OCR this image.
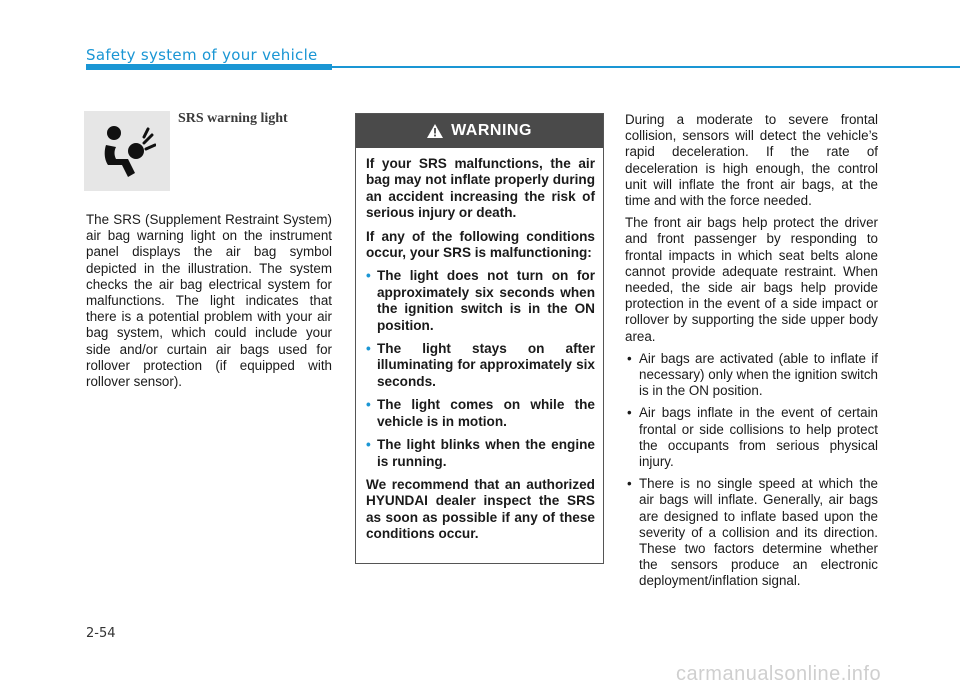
Safety system of your vehicle
SRS warning light

The SRS (Supplement Restraint System) air bag warning light on the instrument panel displays the air bag symbol depicted in the illustration. The system checks the air bag electrical system for malfunctions. The light indicates that there is a potential problem with your air bag system, which could include your side and/or curtain air bags used for rollover protection (if equipped with rollover sensor).

WARNING

If your SRS malfunctions, the air bag may not inflate properly during an accident increasing the risk of serious injury or death.

If any of the following conditions occur, your SRS is malfunctioning:

• The light does not turn on for approximately six seconds when the ignition switch is in the ON position.
• The light stays on after illuminating for approximately six seconds.
• The light comes on while the vehicle is in motion.
• The light blinks when the engine is running.

We recommend that an authorized HYUNDAI dealer inspect the SRS as soon as possible if any of these conditions occur.

During a moderate to severe frontal collision, sensors will detect the vehicle’s rapid deceleration. If the rate of deceleration is high enough, the control unit will inflate the front air bags, at the time and with the force needed.

The front air bags help protect the driver and front passenger by responding to frontal impacts in which seat belts alone cannot provide adequate restraint. When needed, the side air bags help provide protection in the event of a side impact or rollover by supporting the side upper body area.

• Air bags are activated (able to inflate if necessary) only when the ignition switch is in the ON position.
• Air bags inflate in the event of certain frontal or side collisions to help protect the occupants from serious physical injury.
• There is no single speed at which the air bags will inflate. Generally, air bags are designed to inflate based upon the severity of a collision and its direction. These two factors determine whether the sensors produce an electronic deployment/inflation signal.
2-54
carmanualsonline.info
